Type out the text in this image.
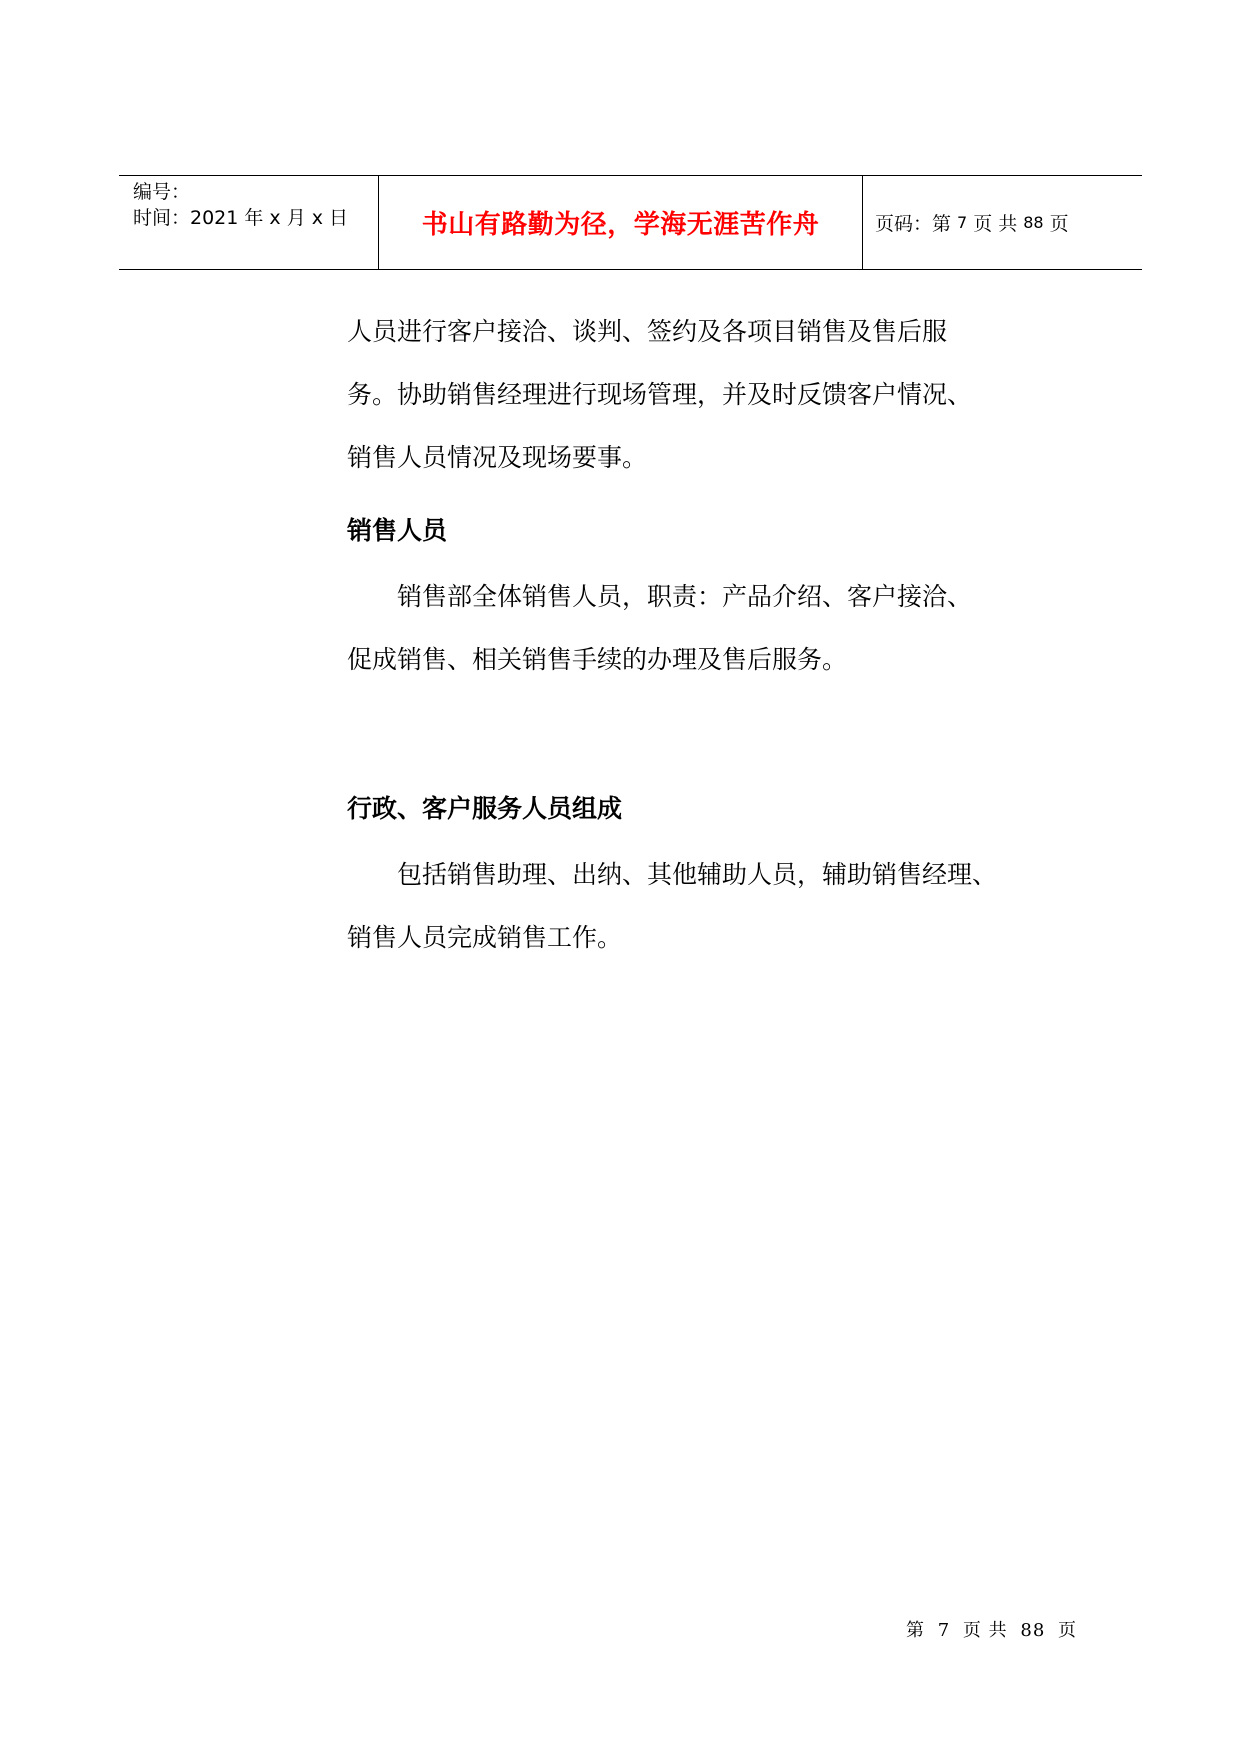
编号：
时间：2021 年 x 月 x 日	书山有路勤为径，学海无涯苦作舟	页码：第 7 页 共 88 页

人员进行客户接洽、谈判、签约及各项目销售及售后服

务。协助销售经理进行现场管理，并及时反馈客户情况、

销售人员情况及现场要事。

销售人员

销售部全体销售人员，职责：产品介绍、客户接洽、

促成销售、相关销售手续的办理及售后服务。

行政、客户服务人员组成

包括销售助理、出纳、其他辅助人员，辅助销售经理、

销售人员完成销售工作。

第 7 页 共 88 页
